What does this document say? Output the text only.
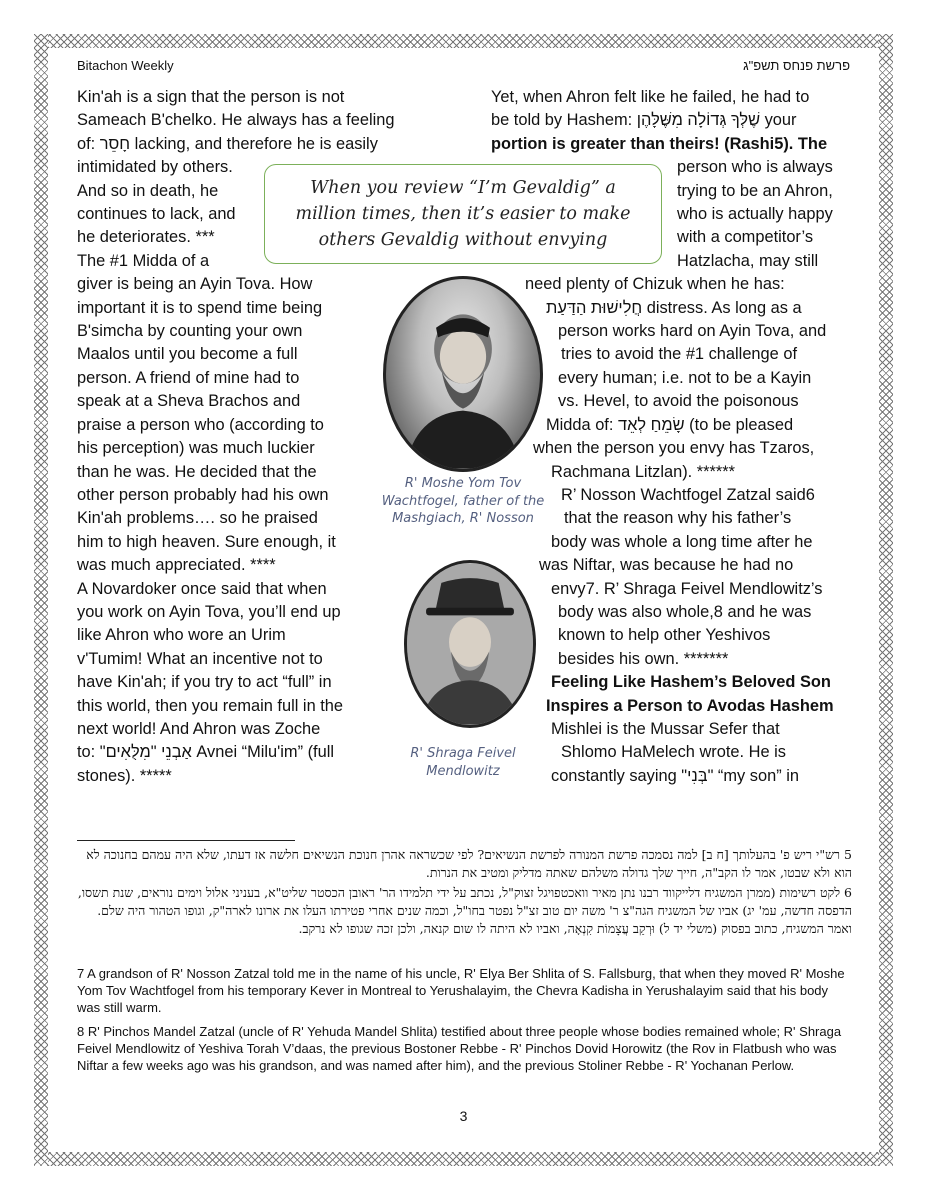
Bitachon Weekly	פרשת פנחס תשפ"ג
Kin'ah is a sign that the person is not
Sameach B'chelko. He always has a feeling
of: חָסֵר lacking, and therefore he is easily
intimidated by others.
And so in death, he
continues to lack, and
he deteriorates. ***
The #1 Midda of a
giver is being an Ayin Tova. How
important it is to spend time being
B'simcha by counting your own
Maalos until you become a full
person. A friend of mine had to
speak at a Sheva Brachos and
praise a person who (according to
his perception) was much luckier
than he was. He decided that the
other person probably had his own
Kin'ah problems…. so he praised
him to high heaven. Sure enough, it
was much appreciated. ****
A Novardoker once said that when
you work on Ayin Tova, you’ll end up
like Ahron who wore an Urim
v'Tumim! What an incentive not to
have Kin'ah; if you try to act “full” in
this world, then you remain full in the
next world! And Ahron was Zoche
to: "אַבְנֵי "מִלֻּאִים Avnei “Milu'im” (full
stones). *****
Yet, when Ahron felt like he failed, he had to
be told by Hashem: שֶׁלְּךָ גְּדוֹלָה מִשֶּׁלָּהֶן your
portion is greater than theirs! (Rashi5). The
person who is always
trying to be an Ahron,
who is actually happy
with a competitor’s
Hatzlacha, may still
need plenty of Chizuk when he has:
חֲלִישׁוּת הַדַּעַת distress. As long as a
person works hard on Ayin Tova, and
tries to avoid the #1 challenge of
every human; i.e. not to be a Kayin
vs. Hevel, to avoid the poisonous
Midda of: שָׂמֵחַ לְאֵד (to be pleased
when the person you envy has Tzaros,
Rachmana Litzlan). ******
R’ Nosson Wachtfogel Zatzal said6
that the reason why his father’s
body was whole a long time after he
was Niftar, was because he had no
envy7. R’ Shraga Feivel Mendlowitz’s
body was also whole,8 and he was
known to help other Yeshivos
besides his own. *******
Feeling Like Hashem’s Beloved Son
Inspires a Person to Avodas Hashem
Mishlei is the Mussar Sefer that
Shlomo HaMelech wrote. He is
constantly saying "בְּנִי" “my son” in
When you review “I’m Gevaldig” a million times, then it’s easier to make others Gevaldig without envying
R' Moshe Yom Tov Wachtfogel, father of the Mashgiach, R' Nosson
R' Shraga Feivel Mendlowitz
5 רש"י ריש פ' בהעלותך [ח ב] למה נסמכה פרשת המנורה לפרשת הנשיאים? לפי שכשראה אהרן חנוכת הנשיאים חלשה אז דעתו, שלא היה עמהם בחנוכה לא הוא ולא שבטו, אמר לו הקב"ה, חייך שלך גדולה משלהם שאתה מדליק ומטיב את הנרות.
6 לקט רשימות (ממרן המשגיח דלייקווד רבנו נתן מאיר וואכטפויגל זצוק"ל, נכתב על ידי תלמידו הר' ראובן הכסטר שליט"א, בעניני אלול וימים נוראים, שנת תשסו, הדפסה חדשה, עמ' יג) אביו של המשגיח הגה"צ ר' משה יום טוב זצ"ל נפטר בחו"ל, וכמה שנים אחרי פטירתו העלו את ארונו לארה"ק, וגופו הטהור היה שלם. ואמר המשגיח, כתוב בפסוק (משלי יד ל) וּרְקַב עֲצָמוֹת קִנְאָה, ואביו לא היתה לו שום קנאה, ולכן זכה שגופו לא נרקב.
7 A grandson of R' Nosson Zatzal told me in the name of his uncle, R' Elya Ber Shlita of S. Fallsburg, that when they moved R' Moshe Yom Tov Wachtfogel from his temporary Kever in Montreal to Yerushalayim, the Chevra Kadisha in Yerushalayim said that his body was still warm.
8 R' Pinchos Mandel Zatzal (uncle of R' Yehuda Mandel Shlita) testified about three people whose bodies remained whole; R' Shraga Feivel Mendlowitz of Yeshiva Torah V’daas, the previous Bostoner Rebbe - R' Pinchos Dovid Horowitz (the Rov in Flatbush who was Niftar a few weeks ago was his grandson, and was named after him), and the previous Stoliner Rebbe - R' Yochanan Perlow.
3
